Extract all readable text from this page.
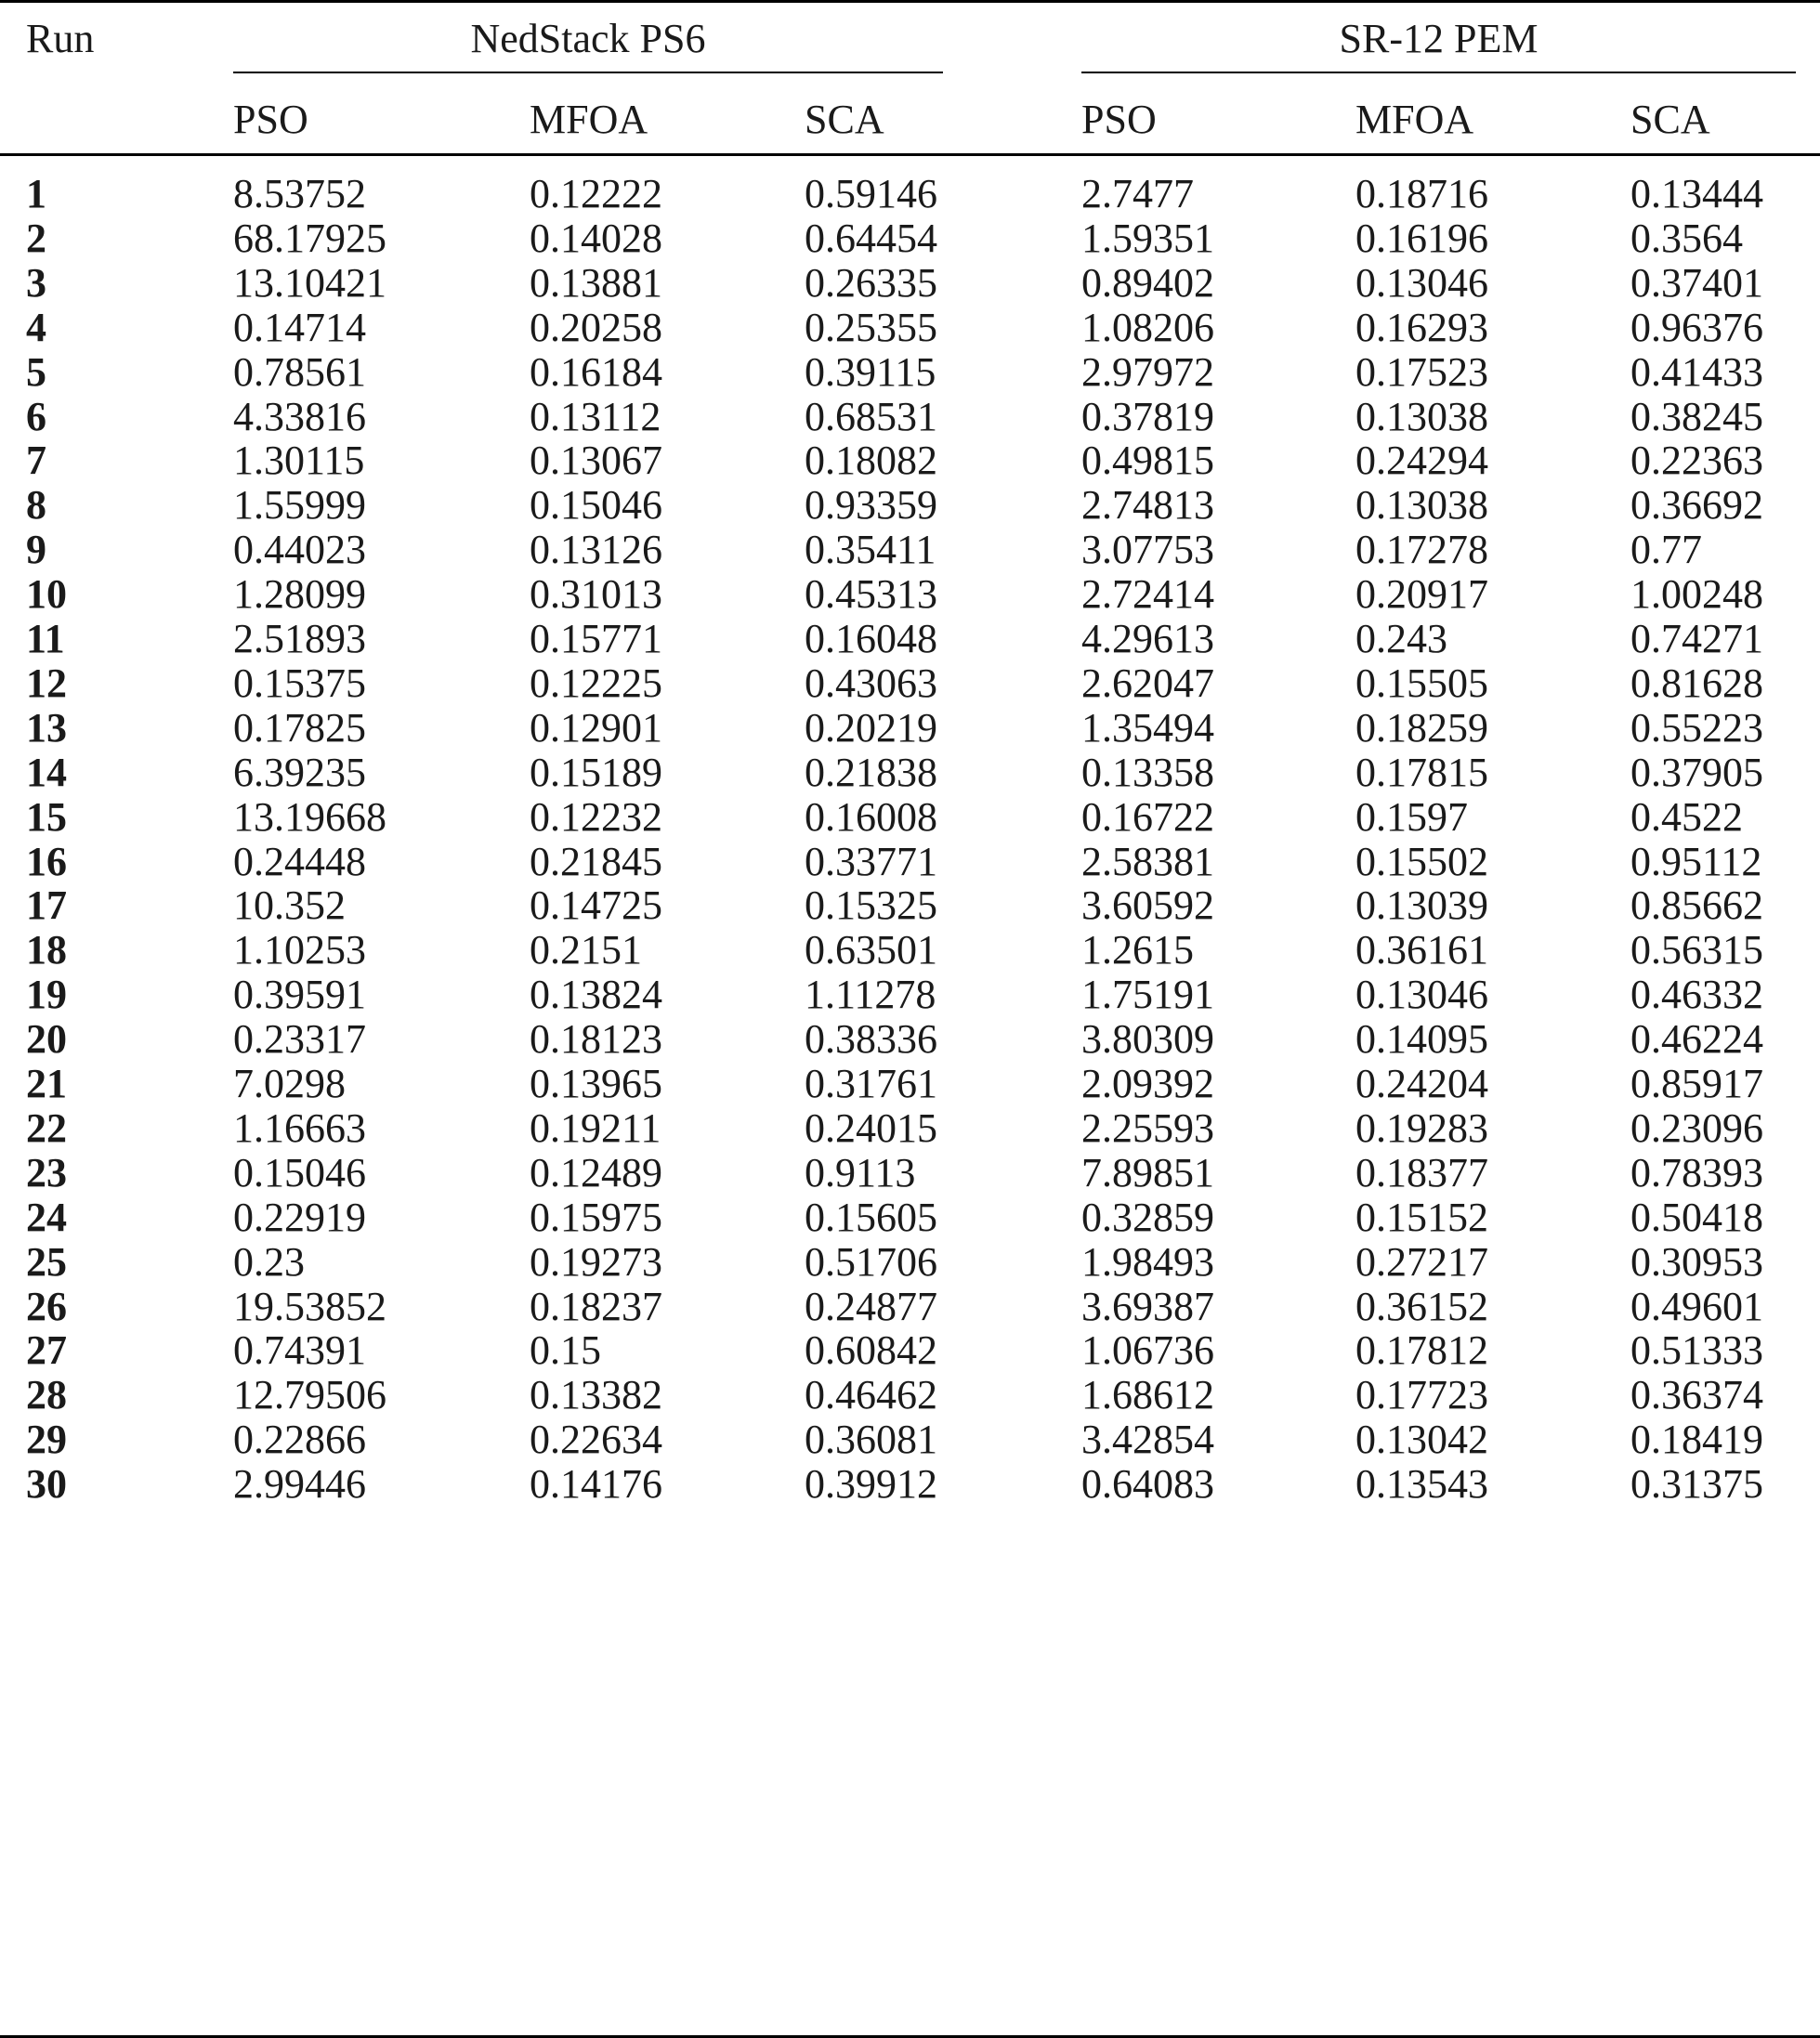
Run	NedStack PS6	SR-12 PEM
PSO	MFOA	SCA	PSO	MFOA	SCA
1	8.53752	0.12222	0.59146	2.7477	0.18716	0.13444
2	68.17925	0.14028	0.64454	1.59351	0.16196	0.3564
3	13.10421	0.13881	0.26335	0.89402	0.13046	0.37401
4	0.14714	0.20258	0.25355	1.08206	0.16293	0.96376
5	0.78561	0.16184	0.39115	2.97972	0.17523	0.41433
6	4.33816	0.13112	0.68531	0.37819	0.13038	0.38245
7	1.30115	0.13067	0.18082	0.49815	0.24294	0.22363
8	1.55999	0.15046	0.93359	2.74813	0.13038	0.36692
9	0.44023	0.13126	0.35411	3.07753	0.17278	0.77
10	1.28099	0.31013	0.45313	2.72414	0.20917	1.00248
11	2.51893	0.15771	0.16048	4.29613	0.243	0.74271
12	0.15375	0.12225	0.43063	2.62047	0.15505	0.81628
13	0.17825	0.12901	0.20219	1.35494	0.18259	0.55223
14	6.39235	0.15189	0.21838	0.13358	0.17815	0.37905
15	13.19668	0.12232	0.16008	0.16722	0.1597	0.4522
16	0.24448	0.21845	0.33771	2.58381	0.15502	0.95112
17	10.352	0.14725	0.15325	3.60592	0.13039	0.85662
18	1.10253	0.2151	0.63501	1.2615	0.36161	0.56315
19	0.39591	0.13824	1.11278	1.75191	0.13046	0.46332
20	0.23317	0.18123	0.38336	3.80309	0.14095	0.46224
21	7.0298	0.13965	0.31761	2.09392	0.24204	0.85917
22	1.16663	0.19211	0.24015	2.25593	0.19283	0.23096
23	0.15046	0.12489	0.9113	7.89851	0.18377	0.78393
24	0.22919	0.15975	0.15605	0.32859	0.15152	0.50418
25	0.23	0.19273	0.51706	1.98493	0.27217	0.30953
26	19.53852	0.18237	0.24877	3.69387	0.36152	0.49601
27	0.74391	0.15	0.60842	1.06736	0.17812	0.51333
28	12.79506	0.13382	0.46462	1.68612	0.17723	0.36374
29	0.22866	0.22634	0.36081	3.42854	0.13042	0.18419
30	2.99446	0.14176	0.39912	0.64083	0.13543	0.31375
